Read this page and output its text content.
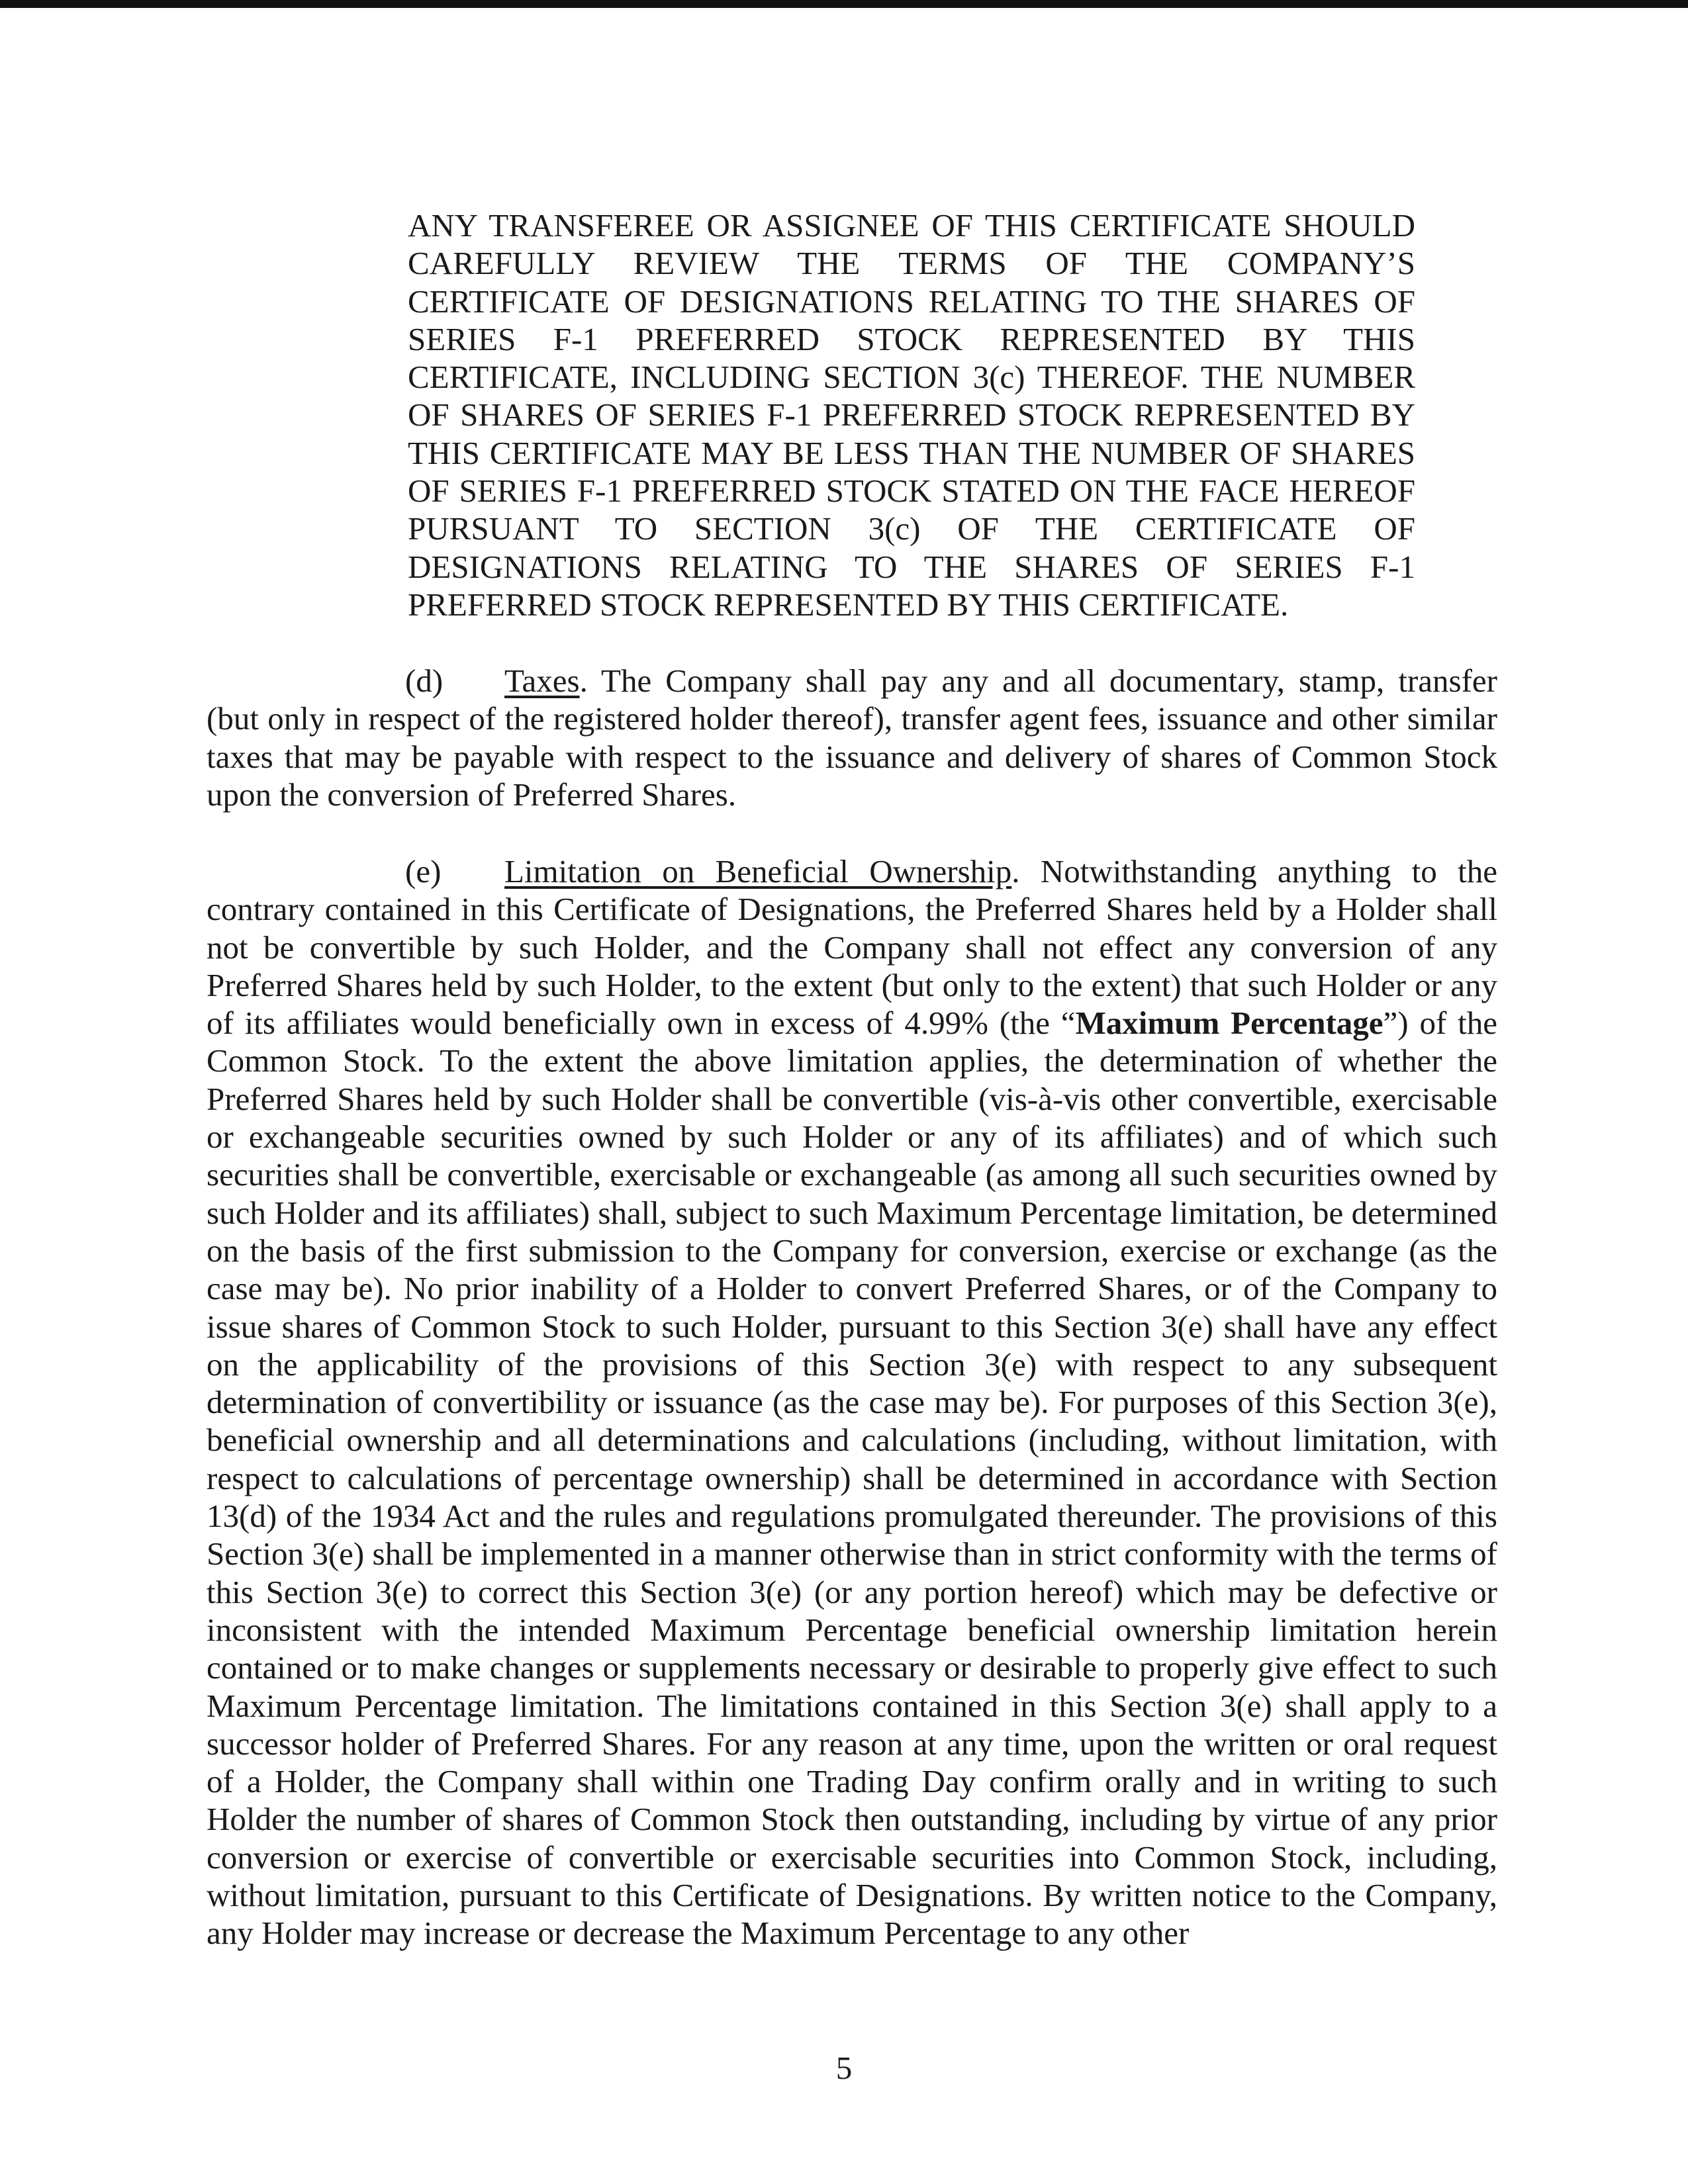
ANY TRANSFEREE OR ASSIGNEE OF THIS CERTIFICATE SHOULD CAREFULLY REVIEW THE TERMS OF THE COMPANY’S CERTIFICATE OF DESIGNATIONS RELATING TO THE SHARES OF SERIES F-1 PREFERRED STOCK REPRESENTED BY THIS CERTIFICATE, INCLUDING SECTION 3(c) THEREOF. THE NUMBER OF SHARES OF SERIES F-1 PREFERRED STOCK REPRESENTED BY THIS CERTIFICATE MAY BE LESS THAN THE NUMBER OF SHARES OF SERIES F-1 PREFERRED STOCK STATED ON THE FACE HEREOF PURSUANT TO SECTION 3(c) OF THE CERTIFICATE OF DESIGNATIONS RELATING TO THE SHARES OF SERIES F-1 PREFERRED STOCK REPRESENTED BY THIS CERTIFICATE.

(d) Taxes. The Company shall pay any and all documentary, stamp, transfer (but only in respect of the registered holder thereof), transfer agent fees, issuance and other similar taxes that may be payable with respect to the issuance and delivery of shares of Common Stock upon the conversion of Preferred Shares.

(e) Limitation on Beneficial Ownership. Notwithstanding anything to the contrary contained in this Certificate of Designations, the Preferred Shares held by a Holder shall not be convertible by such Holder, and the Company shall not effect any conversion of any Preferred Shares held by such Holder, to the extent (but only to the extent) that such Holder or any of its affiliates would beneficially own in excess of 4.99% (the “Maximum Percentage”) of the Common Stock. To the extent the above limitation applies, the determination of whether the Preferred Shares held by such Holder shall be convertible (vis-à-vis other convertible, exercisable or exchangeable securities owned by such Holder or any of its affiliates) and of which such securities shall be convertible, exercisable or exchangeable (as among all such securities owned by such Holder and its affiliates) shall, subject to such Maximum Percentage limitation, be determined on the basis of the first submission to the Company for conversion, exercise or exchange (as the case may be). No prior inability of a Holder to convert Preferred Shares, or of the Company to issue shares of Common Stock to such Holder, pursuant to this Section 3(e) shall have any effect on the applicability of the provisions of this Section 3(e) with respect to any subsequent determination of convertibility or issuance (as the case may be). For purposes of this Section 3(e), beneficial ownership and all determinations and calculations (including, without limitation, with respect to calculations of percentage ownership) shall be determined in accordance with Section 13(d) of the 1934 Act and the rules and regulations promulgated thereunder. The provisions of this Section 3(e) shall be implemented in a manner otherwise than in strict conformity with the terms of this Section 3(e) to correct this Section 3(e) (or any portion hereof) which may be defective or inconsistent with the intended Maximum Percentage beneficial ownership limitation herein contained or to make changes or supplements necessary or desirable to properly give effect to such Maximum Percentage limitation. The limitations contained in this Section 3(e) shall apply to a successor holder of Preferred Shares. For any reason at any time, upon the written or oral request of a Holder, the Company shall within one Trading Day confirm orally and in writing to such Holder the number of shares of Common Stock then outstanding, including by virtue of any prior conversion or exercise of convertible or exercisable securities into Common Stock, including, without limitation, pursuant to this Certificate of Designations. By written notice to the Company, any Holder may increase or decrease the Maximum Percentage to any other

5
